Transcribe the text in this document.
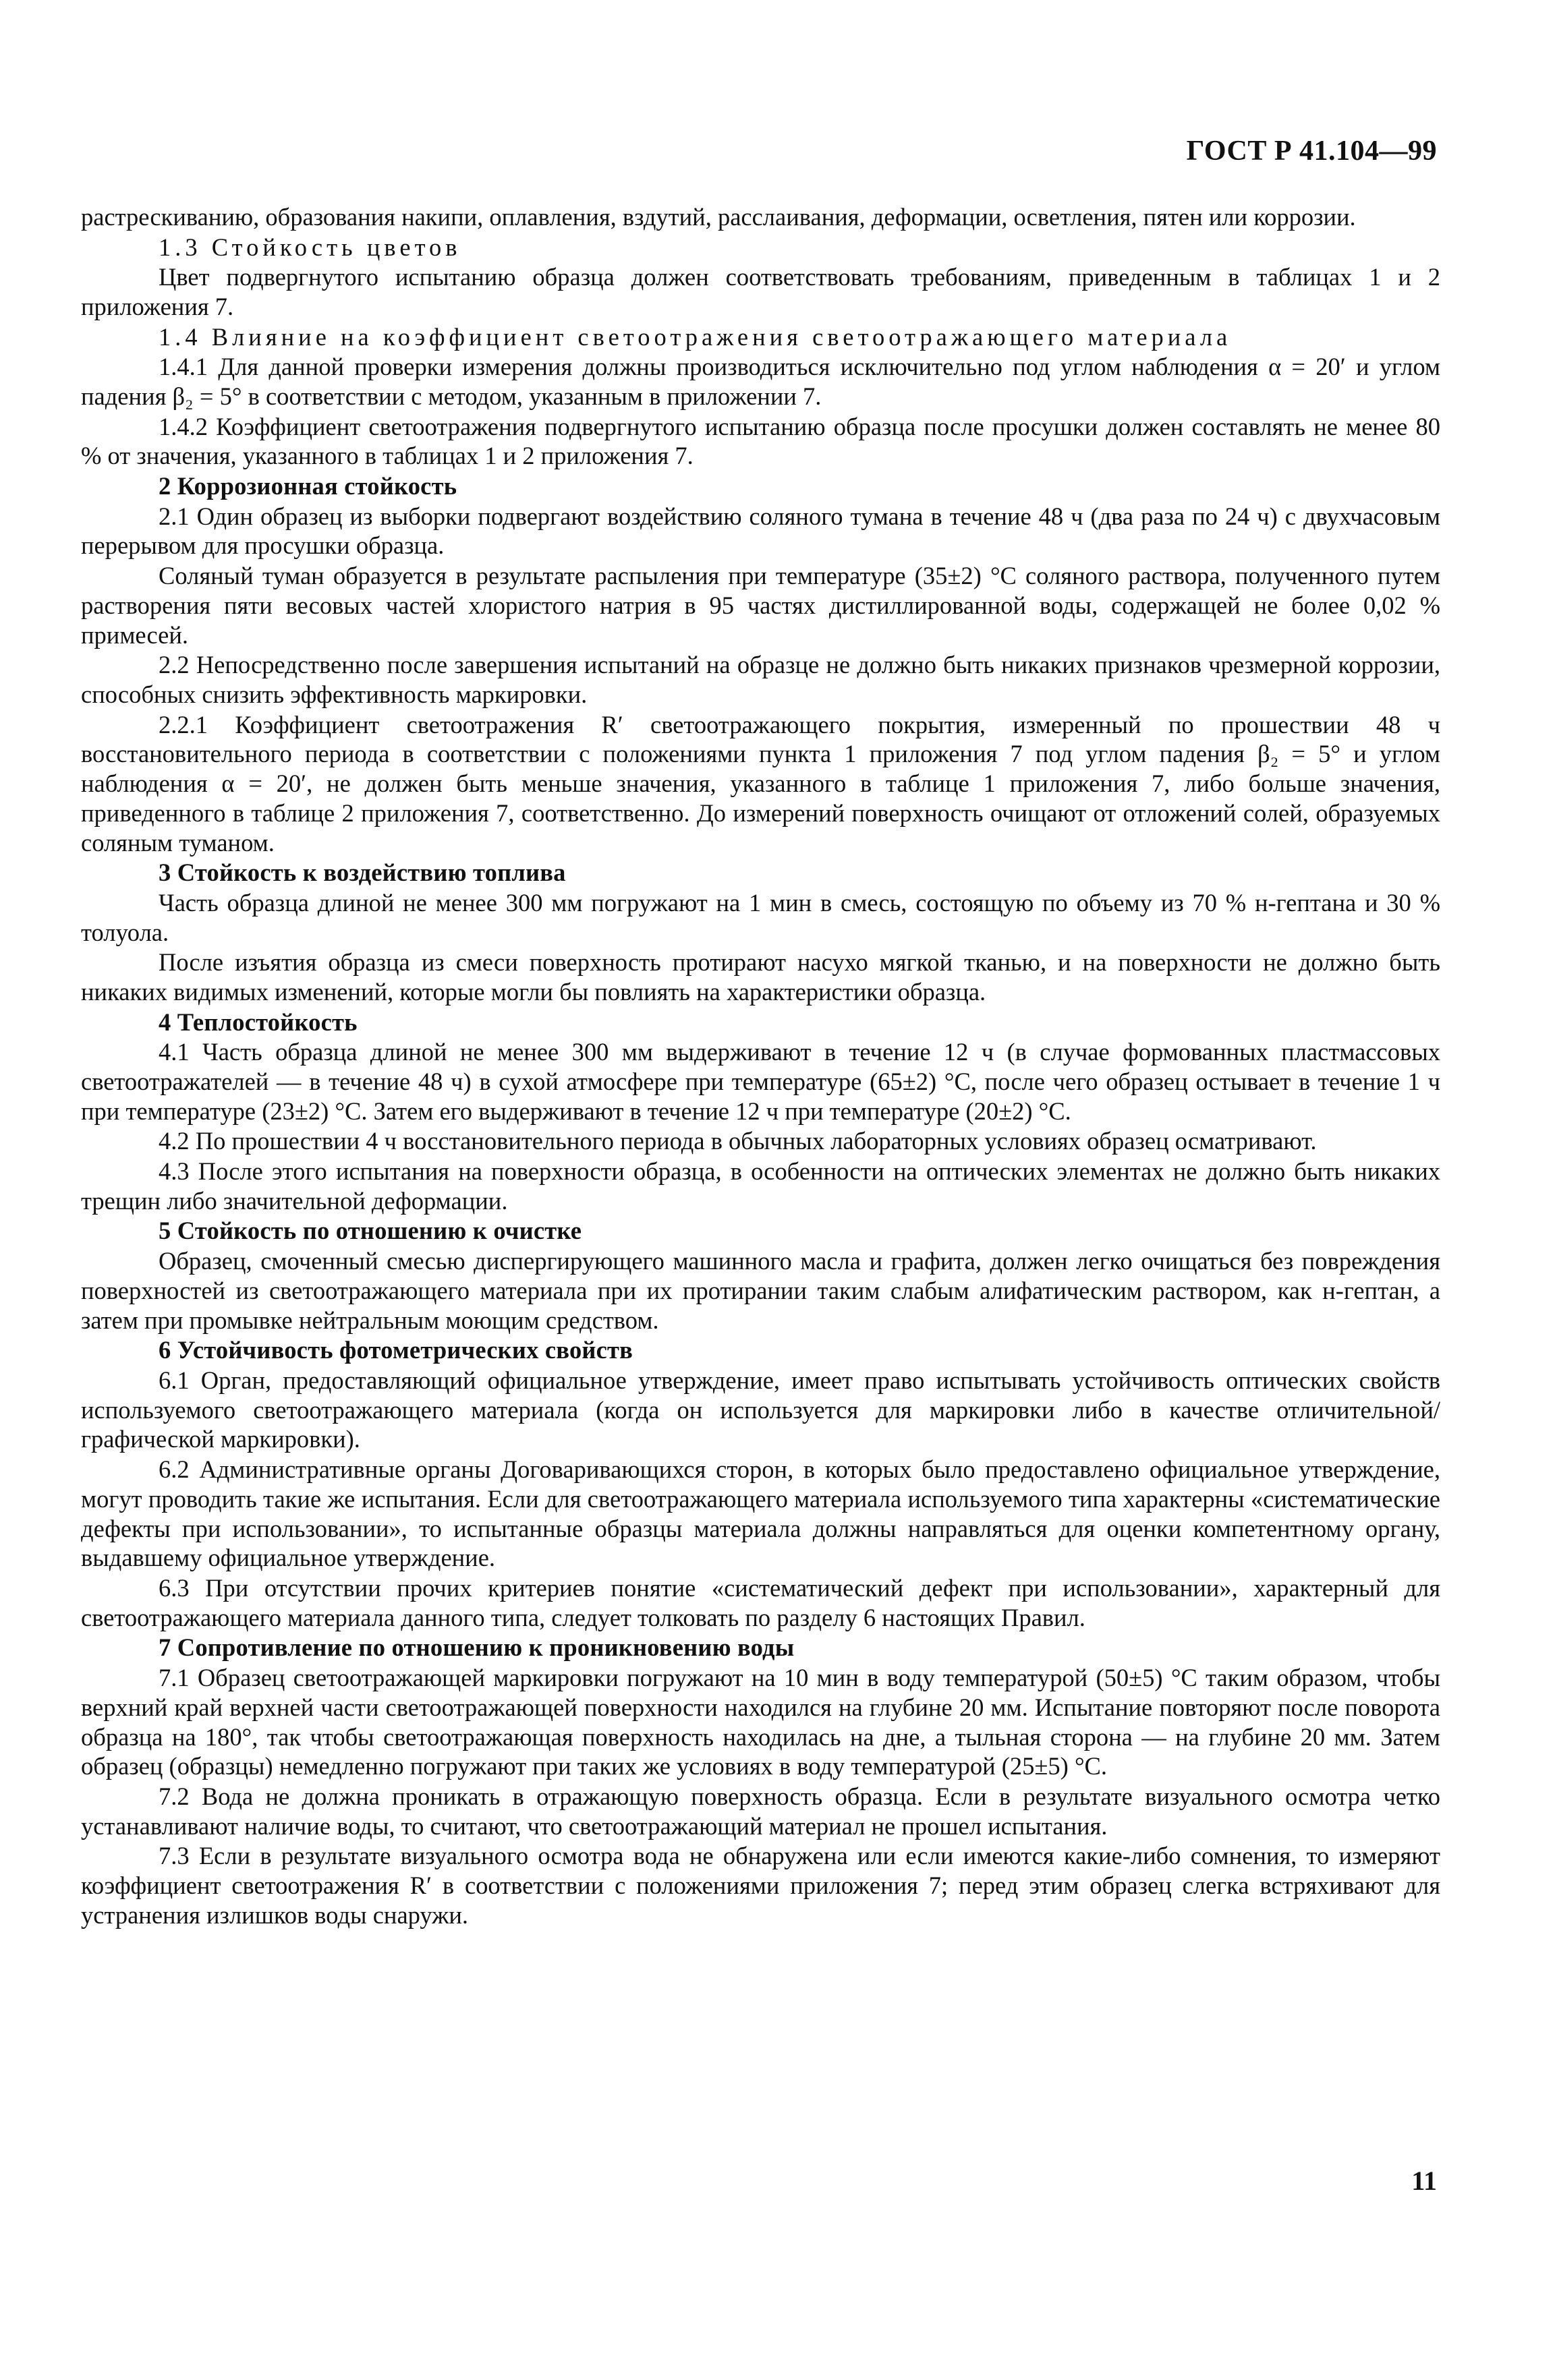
ГОСТ Р 41.104—99

растрескиванию, образования накипи, оплавления, вздутий, расслаивания, деформации, осветления, пятен или коррозии.

1.3 Стойкость цветов

Цвет подвергнутого испытанию образца должен соответствовать требованиям, приведенным в таблицах 1 и 2 приложения 7.

1.4 Влияние на коэффициент светоотражения светоотражающего материала

1.4.1 Для данной проверки измерения должны производиться исключительно под углом наблюдения α = 20′ и углом падения β₂ = 5° в соответствии с методом, указанным в приложении 7.

1.4.2 Коэффициент светоотражения подвергнутого испытанию образца после просушки должен составлять не менее 80 % от значения, указанного в таблицах 1 и 2 приложения 7.

2 Коррозионная стойкость

2.1 Один образец из выборки подвергают воздействию соляного тумана в течение 48 ч (два раза по 24 ч) с двухчасовым перерывом для просушки образца.

Соляный туман образуется в результате распыления при температуре (35±2) °С соляного раствора, полученного путем растворения пяти весовых частей хлористого натрия в 95 частях дистиллированной воды, содержащей не более 0,02 % примесей.

2.2 Непосредственно после завершения испытаний на образце не должно быть никаких признаков чрезмерной коррозии, способных снизить эффективность маркировки.

2.2.1 Коэффициент светоотражения R′ светоотражающего покрытия, измеренный по прошествии 48 ч восстановительного периода в соответствии с положениями пункта 1 приложения 7 под углом падения β₂ = 5° и углом наблюдения α = 20′, не должен быть меньше значения, указанного в таблице 1 приложения 7, либо больше значения, приведенного в таблице 2 приложения 7, соответственно. До измерений поверхность очищают от отложений солей, образуемых соляным туманом.

3 Стойкость к воздействию топлива

Часть образца длиной не менее 300 мм погружают на 1 мин в смесь, состоящую по объему из 70 % н-гептана и 30 % толуола.

После изъятия образца из смеси поверхность протирают насухо мягкой тканью, и на поверхности не должно быть никаких видимых изменений, которые могли бы повлиять на характеристики образца.

4 Теплостойкость

4.1 Часть образца длиной не менее 300 мм выдерживают в течение 12 ч (в случае формованных пластмассовых светоотражателей — в течение 48 ч) в сухой атмосфере при температуре (65±2) °С, после чего образец остывает в течение 1 ч при температуре (23±2) °С. Затем его выдерживают в течение 12 ч при температуре (20±2) °С.

4.2 По прошествии 4 ч восстановительного периода в обычных лабораторных условиях образец осматривают.

4.3 После этого испытания на поверхности образца, в особенности на оптических элементах не должно быть никаких трещин либо значительной деформации.

5 Стойкость по отношению к очистке

Образец, смоченный смесью диспергирующего машинного масла и графита, должен легко очищаться без повреждения поверхностей из светоотражающего материала при их протирании таким слабым алифатическим раствором, как н-гептан, а затем при промывке нейтральным моющим средством.

6 Устойчивость фотометрических свойств

6.1 Орган, предоставляющий официальное утверждение, имеет право испытывать устойчивость оптических свойств используемого светоотражающего материала (когда он используется для маркировки либо в качестве отличительной/графической маркировки).

6.2 Административные органы Договаривающихся сторон, в которых было предоставлено официальное утверждение, могут проводить такие же испытания. Если для светоотражающего материала используемого типа характерны «систематические дефекты при использовании», то испытанные образцы материала должны направляться для оценки компетентному органу, выдавшему официальное утверждение.

6.3 При отсутствии прочих критериев понятие «систематический дефект при использовании», характерный для светоотражающего материала данного типа, следует толковать по разделу 6 настоящих Правил.

7 Сопротивление по отношению к проникновению воды

7.1 Образец светоотражающей маркировки погружают на 10 мин в воду температурой (50±5) °С таким образом, чтобы верхний край верхней части светоотражающей поверхности находился на глубине 20 мм. Испытание повторяют после поворота образца на 180°, так чтобы светоотражающая поверхность находилась на дне, а тыльная сторона — на глубине 20 мм. Затем образец (образцы) немедленно погружают при таких же условиях в воду температурой (25±5) °С.

7.2 Вода не должна проникать в отражающую поверхность образца. Если в результате визуального осмотра четко устанавливают наличие воды, то считают, что светоотражающий материал не прошел испытания.

7.3 Если в результате визуального осмотра вода не обнаружена или если имеются какие-либо сомнения, то измеряют коэффициент светоотражения R′ в соответствии с положениями приложения 7; перед этим образец слегка встряхивают для устранения излишков воды снаружи.

11
